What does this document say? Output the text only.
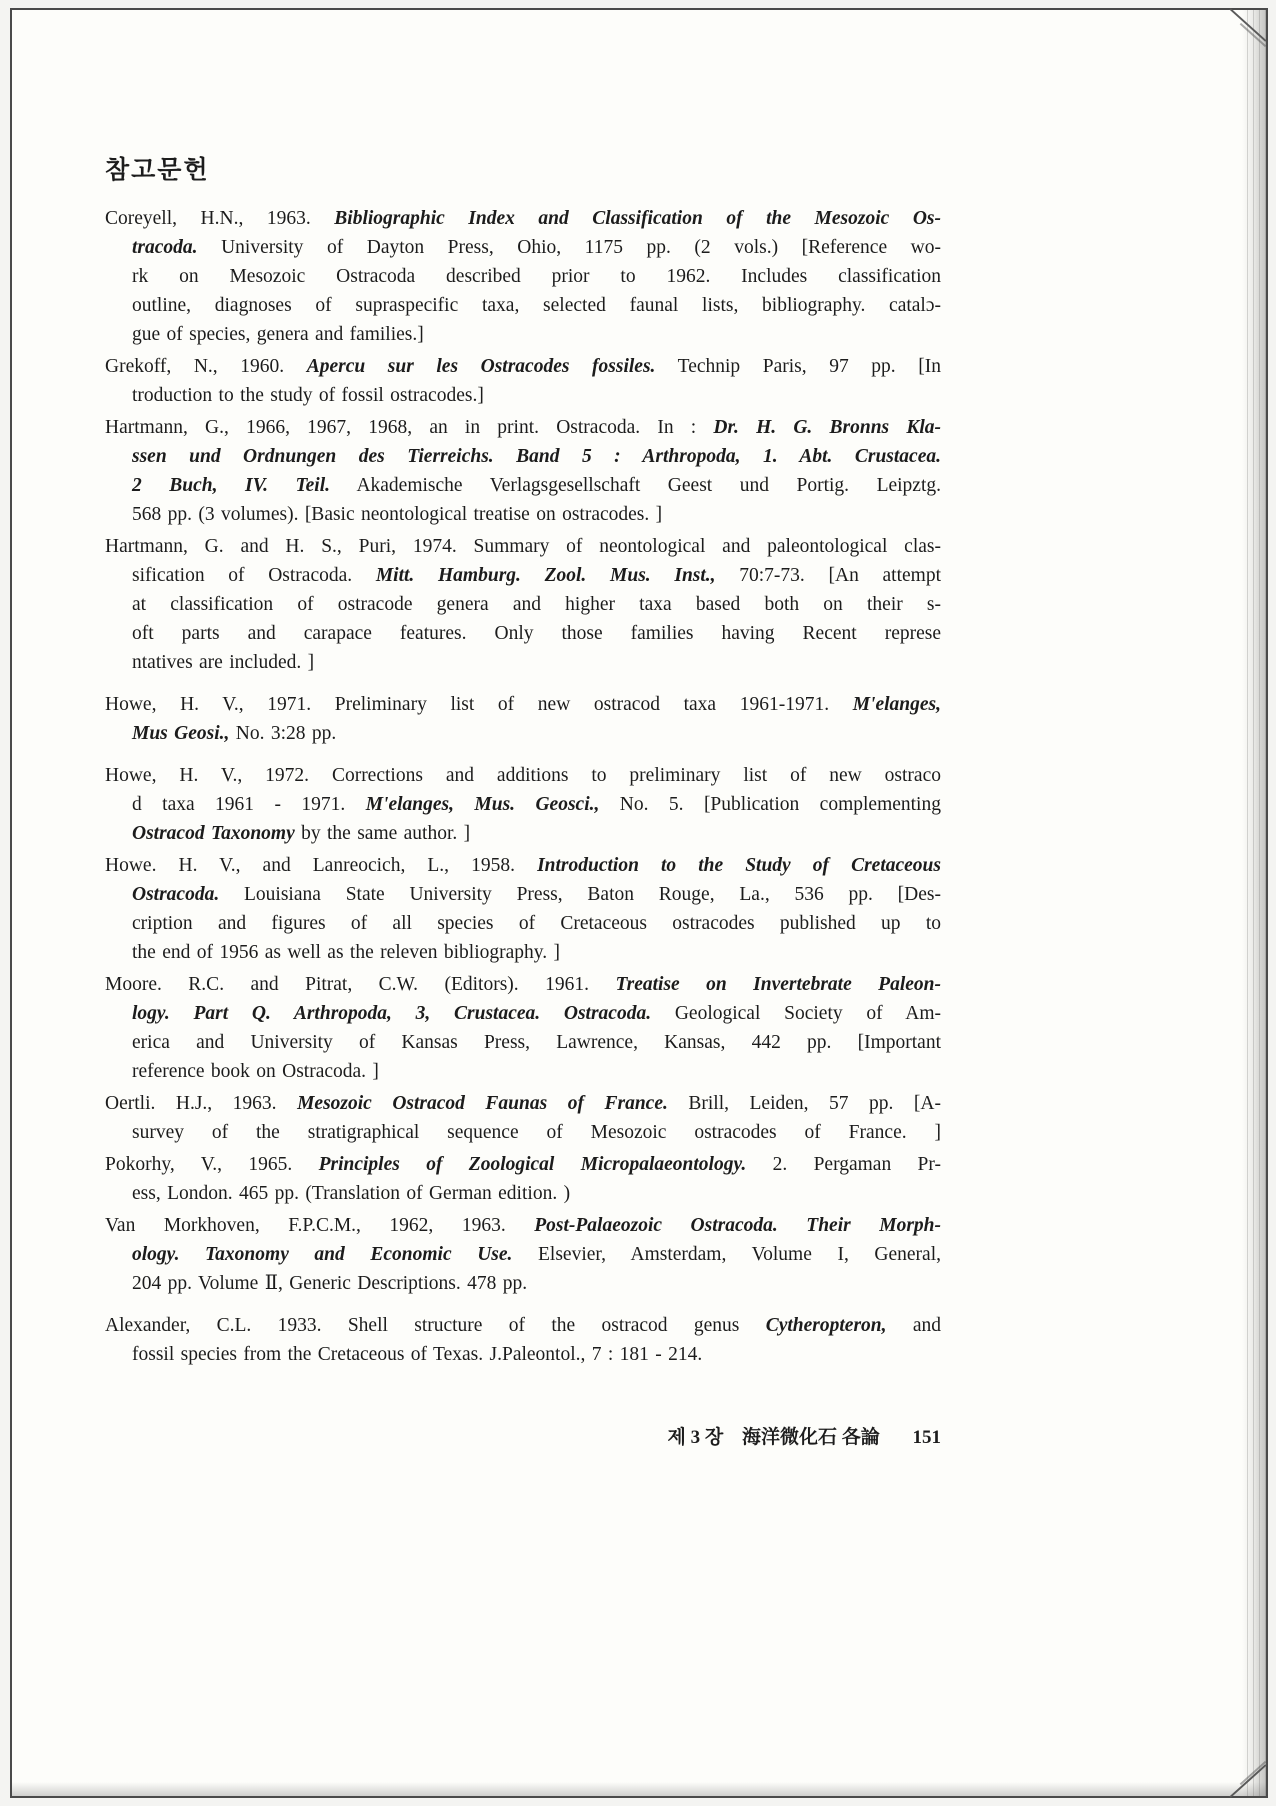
참고문헌
Coreyell, H.N., 1963. Bibliographic Index and Classification of the Mesozoic Os-
tracoda. University of Dayton Press, Ohio, 1175 pp. (2 vols.) [Reference wo-
rk on Mesozoic Ostracoda described prior to 1962. Includes classification
outline, diagnoses of supraspecific taxa, selected faunal lists, bibliography. catalɔ-
gue of species, genera and families.]
Grekoff, N., 1960. Apercu sur les Ostracodes fossiles. Technip Paris, 97 pp. [In
troduction to the study of fossil ostracodes.]
Hartmann, G., 1966, 1967, 1968, an in print. Ostracoda. In : Dr. H. G. Bronns Kla-
ssen und Ordnungen des Tierreichs. Band 5 : Arthropoda, 1. Abt. Crustacea.
2 Buch, IV. Teil. Akademische Verlagsgesellschaft Geest und Portig. Leipztg.
568 pp. (3 volumes). [Basic neontological treatise on ostracodes. ]
Hartmann, G. and H. S., Puri, 1974. Summary of neontological and paleontological clas-
sification of Ostracoda. Mitt. Hamburg. Zool. Mus. Inst., 70:7-73. [An attempt
at classification of ostracode genera and higher taxa based both on their s-
oft parts and carapace features. Only those families having Recent represe
ntatives are included. ]
Howe, H. V., 1971. Preliminary list of new ostracod taxa 1961-1971. M'elanges,
Mus Geosi., No. 3:28 pp.
Howe, H. V., 1972. Corrections and additions to preliminary list of new ostraco
d taxa 1961 - 1971. M'elanges, Mus. Geosci., No. 5. [Publication complementing
Ostracod Taxonomy by the same author. ]
Howe. H. V., and Lanreocich, L., 1958. Introduction to the Study of Cretaceous
Ostracoda. Louisiana State University Press, Baton Rouge, La., 536 pp. [Des-
cription and figures of all species of Cretaceous ostracodes published up to
the end of 1956 as well as the releven bibliography. ]
Moore. R.C. and Pitrat, C.W. (Editors). 1961. Treatise on Invertebrate Paleon-
logy. Part Q. Arthropoda, 3, Crustacea. Ostracoda. Geological Society of Am-
erica and University of Kansas Press, Lawrence, Kansas, 442 pp. [Important
reference book on Ostracoda. ]
Oertli. H.J., 1963. Mesozoic Ostracod Faunas of France. Brill, Leiden, 57 pp. [A-
survey of the stratigraphical sequence of Mesozoic ostracodes of France. ]
Pokorhy, V., 1965. Principles of Zoological Micropalaeontology. 2. Pergaman Pr-
ess, London. 465 pp. (Translation of German edition. )
Van Morkhoven, F.P.C.M., 1962, 1963. Post-Palaeozoic Ostracoda. Their Morph-
ology. Taxonomy and Economic Use. Elsevier, Amsterdam, Volume I, General,
204 pp. Volume Ⅱ, Generic Descriptions. 478 pp.
Alexander, C.L. 1933. Shell structure of the ostracod genus Cytheropteron, and
fossil species from the Cretaceous of Texas. J.Paleontol., 7 : 181 - 214.
제 3 장 海洋微化石 各論 151
